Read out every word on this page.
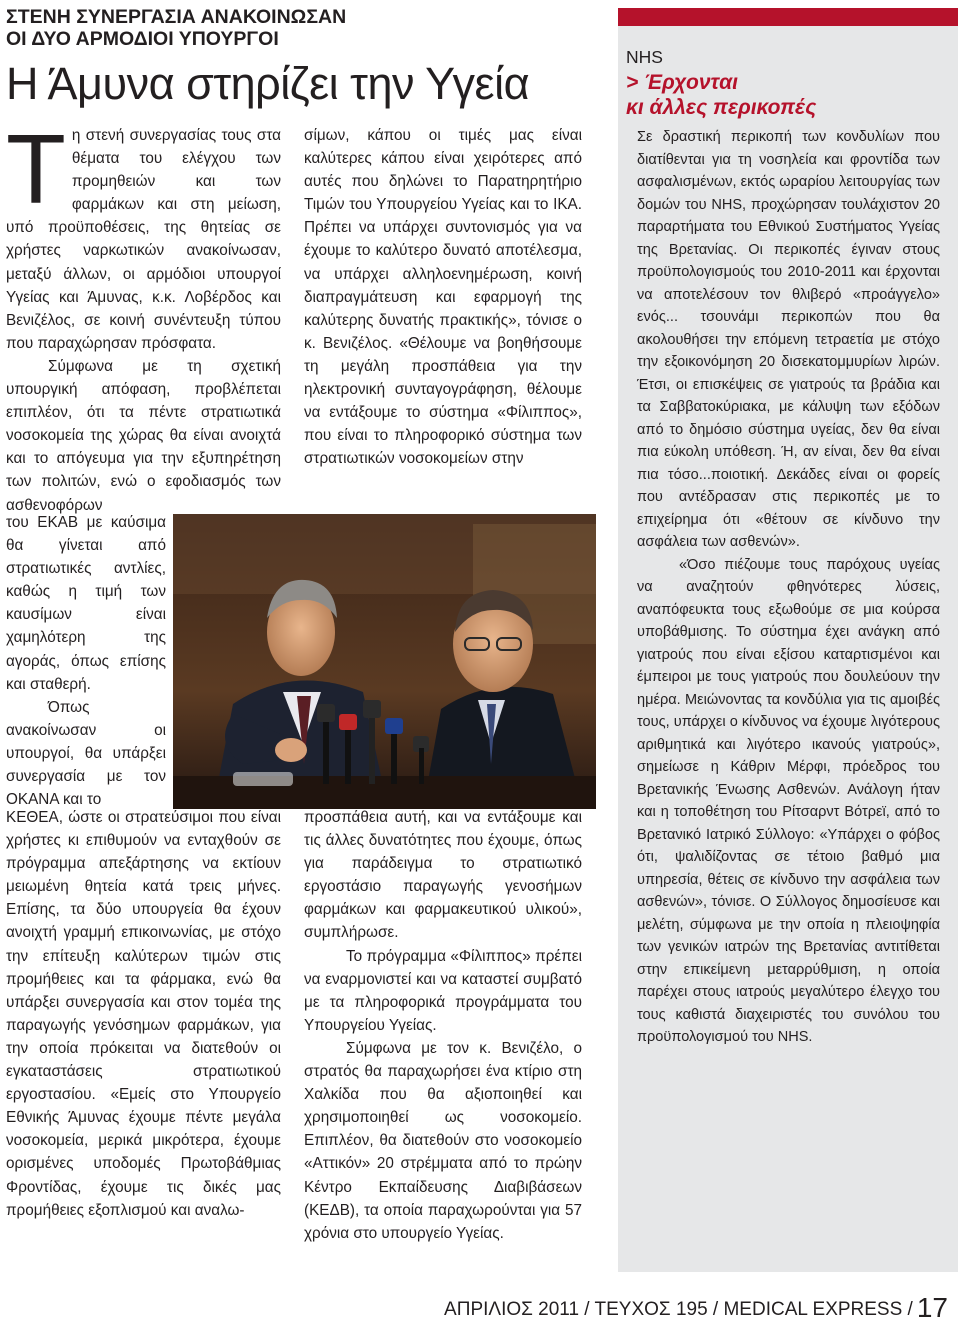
ΣΤΕΝΗ ΣΥΝΕΡΓΑΣΙΑ ΑΝΑΚΟΙΝΩΣΑΝ
ΟΙ ΔΥΟ ΑΡΜΟΔΙΟΙ ΥΠΟΥΡΓΟΙ
Η Άμυνα στηρίζει την Υγεία

Τη στενή συνεργασίας τους στα θέματα του ελέγχου των προμηθειών και των φαρμάκων και στη μείωση, υπό προϋποθέσεις, της θητείας σε χρήστες ναρκωτικών ανακοίνωσαν, μεταξύ άλλων, οι αρμόδιοι υπουργοί Υγείας και Άμυνας, κ.κ. Λοβέρδος και Βενιζέλος, σε κοινή συνέντευξη τύπου που παραχώρησαν πρόσφατα.

Σύμφωνα με τη σχετική υπουργική απόφαση, προβλέπεται επιπλέον, ότι τα πέντε στρατιωτικά νοσοκομεία της χώρας θα είναι ανοιχτά και το απόγευμα για την εξυπηρέτηση των πολιτών, ενώ ο εφοδιασμός των ασθενοφόρων

του ΕΚΑΒ με καύσιμα θα γίνεται από στρατιωτικές αντλίες, καθώς η τιμή των καυσίμων είναι χαμηλότερη της αγοράς, όπως επίσης και σταθερή.

Όπως ανακοίνωσαν οι υπουργοί, θα υπάρξει συνεργασία με τον ΟΚΑΝΑ και το

ΚΕΘΕΑ, ώστε οι στρατεύσιμοι που είναι χρήστες κι επιθυμούν να ενταχθούν σε πρόγραμμα απεξάρτησης να εκτίουν μειωμένη θητεία κατά τρεις μήνες. Επίσης, τα δύο υπουργεία θα έχουν ανοιχτή γραμμή επικοινωνίας, με στόχο την επίτευξη καλύτερων τιμών στις προμήθειες και τα φάρμακα, ενώ θα υπάρξει συνεργασία και στον τομέα της παραγωγής γενόσημων φαρμάκων, για την οποία πρόκειται να διατεθούν οι εγκαταστάσεις στρατιωτικού εργοστασίου. «Εμείς στο Υπουργείο Εθνικής Άμυνας έχουμε πέντε μεγάλα νοσοκομεία, μερικά μικρότερα, έχουμε ορισμένες υποδομές Πρωτοβάθμιας Φροντίδας, έχουμε τις δικές μας προμήθειες εξοπλισμού και αναλω-

σίμων, κάπου οι τιμές μας είναι καλύτερες κάπου είναι χειρότερες από αυτές που δηλώνει το Παρατηρητήριο Τιμών του Υπουργείου Υγείας και το ΙΚΑ. Πρέπει να υπάρχει συντονισμός για να έχουμε το καλύτερο δυνατό αποτέλεσμα, να υπάρχει αλληλοενημέρωση, κοινή διαπραγμάτευση και εφαρμογή της καλύτερης δυνατής πρακτικής», τόνισε ο κ. Βενιζέλος. «Θέλουμε να βοηθήσουμε τη μεγάλη προσπάθεια για την ηλεκτρονική συνταγογράφηση, θέλουμε να εντάξουμε το σύστημα «Φίλιππος», που είναι το πληροφορικό σύστημα των στρατιωτικών νοσοκομείων στην

προσπάθεια αυτή, και να εντάξουμε και τις άλλες δυνατότητες που έχουμε, όπως για παράδειγμα το στρατιωτικό εργοστάσιο παραγωγής γενοσήμων φαρμάκων και φαρμακευτικού υλικού», συμπλήρωσε.

Το πρόγραμμα «Φίλιππος» πρέπει να εναρμονιστεί και να καταστεί συμβατό με τα πληροφορικά προγράμματα του Υπουργείου Υγείας.

Σύμφωνα με τον κ. Βενιζέλο, ο στρατός θα παραχωρήσει ένα κτίριο στη Χαλκίδα που θα αξιοποιηθεί και χρησιμοποιηθεί ως νοσοκομείο. Επιπλέον, θα διατεθούν στο νοσοκομείο «Αττικόν» 20 στρέμματα από το πρώην Κέντρο Εκπαίδευσης Διαβιβάσεων (ΚΕΔΒ), τα οποία παραχωρούνται για 57 χρόνια στο υπουργείο Υγείας.

NHS

> Έρχονται
κι άλλες περικοπές

Σε δραστική περικοπή των κονδυλίων που διατίθενται για τη νοσηλεία και φροντίδα των ασφαλισμένων, εκτός ωραρίου λειτουργίας των δομών του NHS, προχώρησαν τουλάχιστον 20 παραρτήματα του Εθνικού Συστήματος Υγείας της Βρετανίας. Οι περικοπές έγιναν στους προϋπολογισμούς του 2010-2011 και έρχονται να αποτελέσουν τον θλιβερό «προάγγελο» ενός... τσουνάμι περικοπών που θα ακολουθήσει την επόμενη τετραετία με στόχο την εξοικονόμηση 20 δισεκατομμυρίων λιρών. Έτσι, οι επισκέψεις σε γιατρούς τα βράδια και τα Σαββατοκύριακα, με κάλυψη των εξόδων από το δημόσιο σύστημα υγείας, δεν θα είναι πια εύκολη υπόθεση. Ή, αν είναι, δεν θα είναι πια τόσο...ποιοτική. Δεκάδες είναι οι φορείς που αντέδρασαν στις περικοπές με το επιχείρημα ότι «θέτουν σε κίνδυνο την ασφάλεια των ασθενών».

«Όσο πιέζουμε τους παρόχους υγείας να αναζητούν φθηνότερες λύσεις, αναπόφευκτα τους εξωθούμε σε μια κούρσα υποβάθμισης. Το σύστημα έχει ανάγκη από γιατρούς που είναι εξίσου καταρτισμένοι και έμπειροι με τους γιατρούς που δουλεύουν την ημέρα. Μειώνοντας τα κονδύλια για τις αμοιβές τους, υπάρχει ο κίνδυνος να έχουμε λιγότερους αριθμητικά και λιγότερο ικανούς γιατρούς», σημείωσε η Κάθριν Μέρφι, πρόεδρος του Βρετανικής Ένωσης Ασθενών. Ανάλογη ήταν και η τοποθέτηση του Ρίτσαρντ Βότρεϊ, από το Βρετανικό Ιατρικό Σύλλογο: «Υπάρχει ο φόβος ότι, ψαλιδίζοντας σε τέτοιο βαθμό μια υπηρεσία, θέτεις σε κίνδυνο την ασφάλεια των ασθενών», τόνισε. Ο Σύλλογος δημοσίευσε και μελέτη, σύμφωνα με την οποία η πλειοψηφία των γενικών ιατρών της Βρετανίας αντιτίθεται στην επικείμενη μεταρρύθμιση, η οποία παρέχει στους ιατρούς μεγαλύτερο έλεγχο του τους καθιστά διαχειριστές του συνόλου του προϋπολογισμού του NHS.

ΑΠΡΙΛΙΟΣ 2011 / ΤΕΥΧΟΣ 195 / MEDICAL EXPRESS / 17
